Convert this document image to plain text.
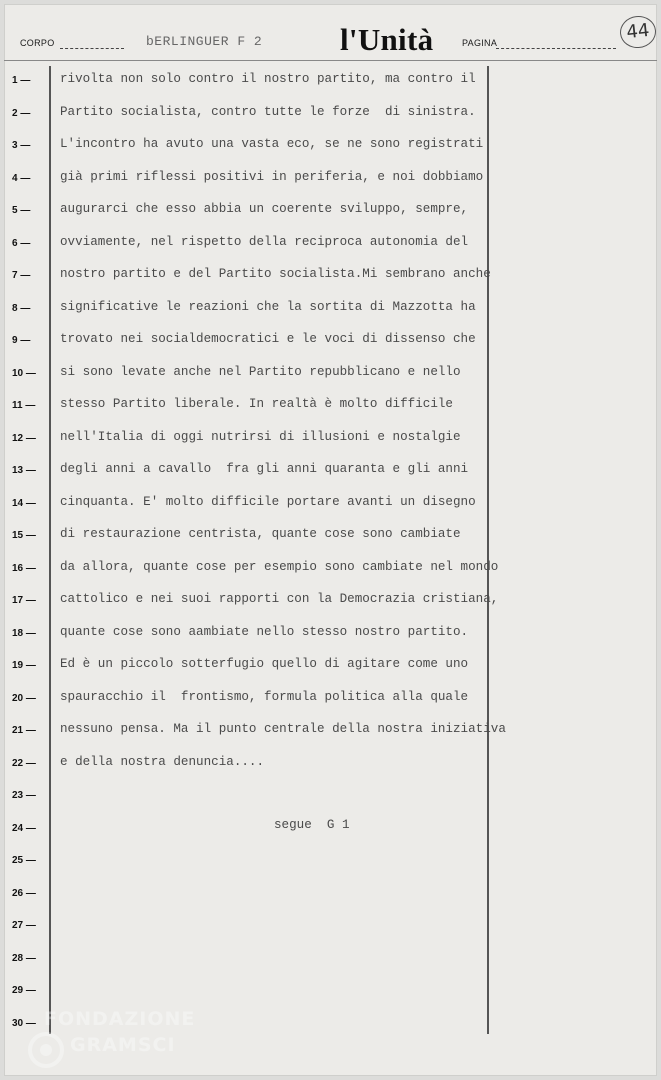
CORPO	bERLINGUER F 2	l'Unità	PAGINA	44
1 —
2 —
3 —
4 —
5 —
6 —
7 —
8 —
9 —
10 —
11 —
12 —
13 —
14 —
15 —
16 —
17 —
18 —
19 —
20 —
21 —
22 —
23 —
24 —
25 —
26 —
27 —
28 —
29 —
30 —
rivolta non solo contro il nostro partito, ma contro il
Partito socialista, contro tutte le forze  di sinistra.
L'incontro ha avuto una vasta eco, se ne sono registrati
già primi riflessi positivi in periferia, e noi dobbiamo
augurarci che esso abbia un coerente sviluppo, sempre,
ovviamente, nel rispetto della reciproca autonomia del
nostro partito e del Partito socialista.Mi sembrano anche
significative le reazioni che la sortita di Mazzotta ha
trovato nei socialdemocratici e le voci di dissenso che
si sono levate anche nel Partito repubblicano e nello
stesso Partito liberale. In realtà è molto difficile
nell'Italia di oggi nutrirsi di illusioni e nostalgie
degli anni a cavallo  fra gli anni quaranta e gli anni
cinquanta. E' molto difficile portare avanti un disegno
di restaurazione centrista, quante cose sono cambiate
da allora, quante cose per esempio sono cambiate nel mondo
cattolico e nei suoi rapporti con la Democrazia cristiana,
quante cose sono aambiate nello stesso nostro partito.
Ed è un piccolo sotterfugio quello di agitare come uno
spauracchio il  frontismo, formula politica alla quale
nessuno pensa. Ma il punto centrale della nostra iniziativa
e della nostra denuncia....
segue  G 1
FONDAZIONE
GRAMSCI
